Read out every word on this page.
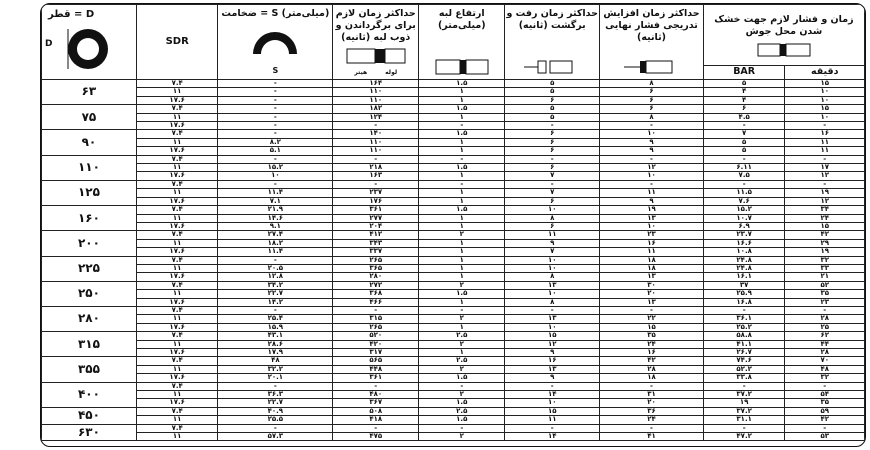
قطر = D
D	SDR	ضخامت = S (میلی‌متر)
S	حداکثر زمان لازم برای برگرداندن و ذوب لبه (ثانیه)
هیتر لوله	ارتفاع لبه (میلی‌متر)	حداکثر زمان رفت و برگشت (ثانیه)	حداکثر زمان افزایش تدریجی فشار نهایی (ثانیه)	زمان و فشار لازم جهت خشک شدن محل جوش	

							BAR	دقیقه
۶۳	۷.۴	-	۱۶۴	۱.۵	۵	۸	۵	۱۵
	۱۱	-	۱۱۰	۱	۵	۶	۴	۱۰
	۱۷.۶	-	۱۱۰	۱	۶	۶	۴	۱۰
۷۵	۷.۴	-	۱۸۲	۱.۵	۵	۶	۶	۱۵
	۱۱	-	۱۲۴	۱	۵	۸	۴.۵	۱۰
	۱۷.۶	-	-	-	-	-	-	-
۹۰	۷.۴	-	۱۴۰	۱.۵	۶	۱۰	۷	۱۶
	۱۱	۸.۲	۱۱۰	۱	۶	۹	۵	۱۱
	۱۷.۶	۵.۱	۱۱۰	۱	۶	۹	۵	۱۱
۱۱۰	۷.۴	-	-	-	-	-	-	-
	۱۱	۱۵.۲	۲۱۸	۱.۵	۶	۱۲	۶.۱۱	۱۷
	۱۷.۶	۱۰	۱۶۳	۱	۷	۱۰	۷.۵	۱۲
۱۲۵	۷.۴	-	-	-	-	-	-	-
	۱۱	۱۱.۴	۲۳۷	۱	۷	۱۱	۱۱.۵	۱۹
	۱۷.۶	۷.۱	۱۷۶	۱	۶	۹	۷.۶	۱۲
۱۶۰	۷.۴	۲۱.۹	۳۶۱	۱.۵	۱۰	۱۹	۱۵.۲	۳۴
	۱۱	۱۴.۶	۲۷۷	۱	۸	۱۳	۱۰.۷	۲۴
	۱۷.۶	۹.۱	۲۰۴	۱	۶	۱۰	۶.۹	۱۵
۲۰۰	۷.۴	۲۷.۴	۴۱۲	۲	۱۱	۲۳	۲۳.۷	۴۲
	۱۱	۱۸.۲	۳۴۳	۱	۹	۱۶	۱۶.۶	۲۹
	۱۷.۶	۱۱.۴	۳۳۷	۱	۷	۱۱	۱۰.۸	۱۹
۲۲۵	۷.۴	-	۲۶۵	۱	۱۰	۱۸	۲۴.۸	۳۲
	۱۱	۲۰.۵	۳۶۵	۱	۱۰	۱۸	۲۴.۸	۳۳
	۱۷.۶	۱۲.۸	۲۸۰	۱	۸	۱۳	۱۶.۱	۲۱
۲۵۰	۷.۴	۳۴.۲	۲۷۲	۲	۱۳	۳۰	۳۷	۵۲
	۱۱	۲۲.۷	۳۶۸	۱.۵	۱۰	۲۰	۲۵.۹	۳۵
	۱۷.۶	۱۴.۲	۴۶۶	۱	۸	۱۳	۱۶.۸	۲۳
۲۸۰	۷.۴	-	-	-	-	-	-	-
	۱۱	۲۵.۴	۳۱۵	۲	۱۳	۲۲	۳۶.۱	۲۸
	۱۷.۶	۱۵.۹	۲۶۵	۱	۱۰	۱۵	۲۵.۲	۲۵
۳۱۵	۷.۴	۴۳.۱	۵۲۰	۲.۵	۱۵	۳۵	۵۸.۸	۶۲
	۱۱	۲۸.۶	۴۲۰	۲	۱۲	۲۴	۴۱.۱	۴۴
	۱۷.۶	۱۷.۹	۳۱۷	۱	۹	۱۶	۲۶.۷	۲۸
۳۵۵	۷.۴	۴۸	۵۶۵	۲.۵	۱۶	۴۲	۷۴.۶	۷۰
	۱۱	۳۲.۲	۴۴۸	۲	۱۳	۲۸	۵۲.۲	۴۸
	۱۷.۶	۲۰.۱	۳۶۱	۱.۵	۹	۱۸	۳۳.۸	۳۲
۴۰۰	۷.۴	-	-	-	-	-	-	-
	۱۱	۳۶.۳	۴۸۰	۲	۱۴	۳۱	۳۷.۲	۵۴
	۱۷.۶	۲۲.۷	۳۶۷	۱.۵	۱۰	۲۰	۱۹	۳۵
۴۵۰	۷.۴	۴۰.۹	۵۰۸	۲.۵	۱۵	۳۶	۳۷.۲	۵۹
	۱۱	۲۵.۵	۴۱۸	۱.۵	۱۱	۲۴	۳۱.۱	۴۲
۶۳۰	۷.۴	-	-	-	-	-	-	-
	۱۱	۵۷.۳	۴۷۵	۲	۱۴	۴۱	۴۷.۲	۵۳
